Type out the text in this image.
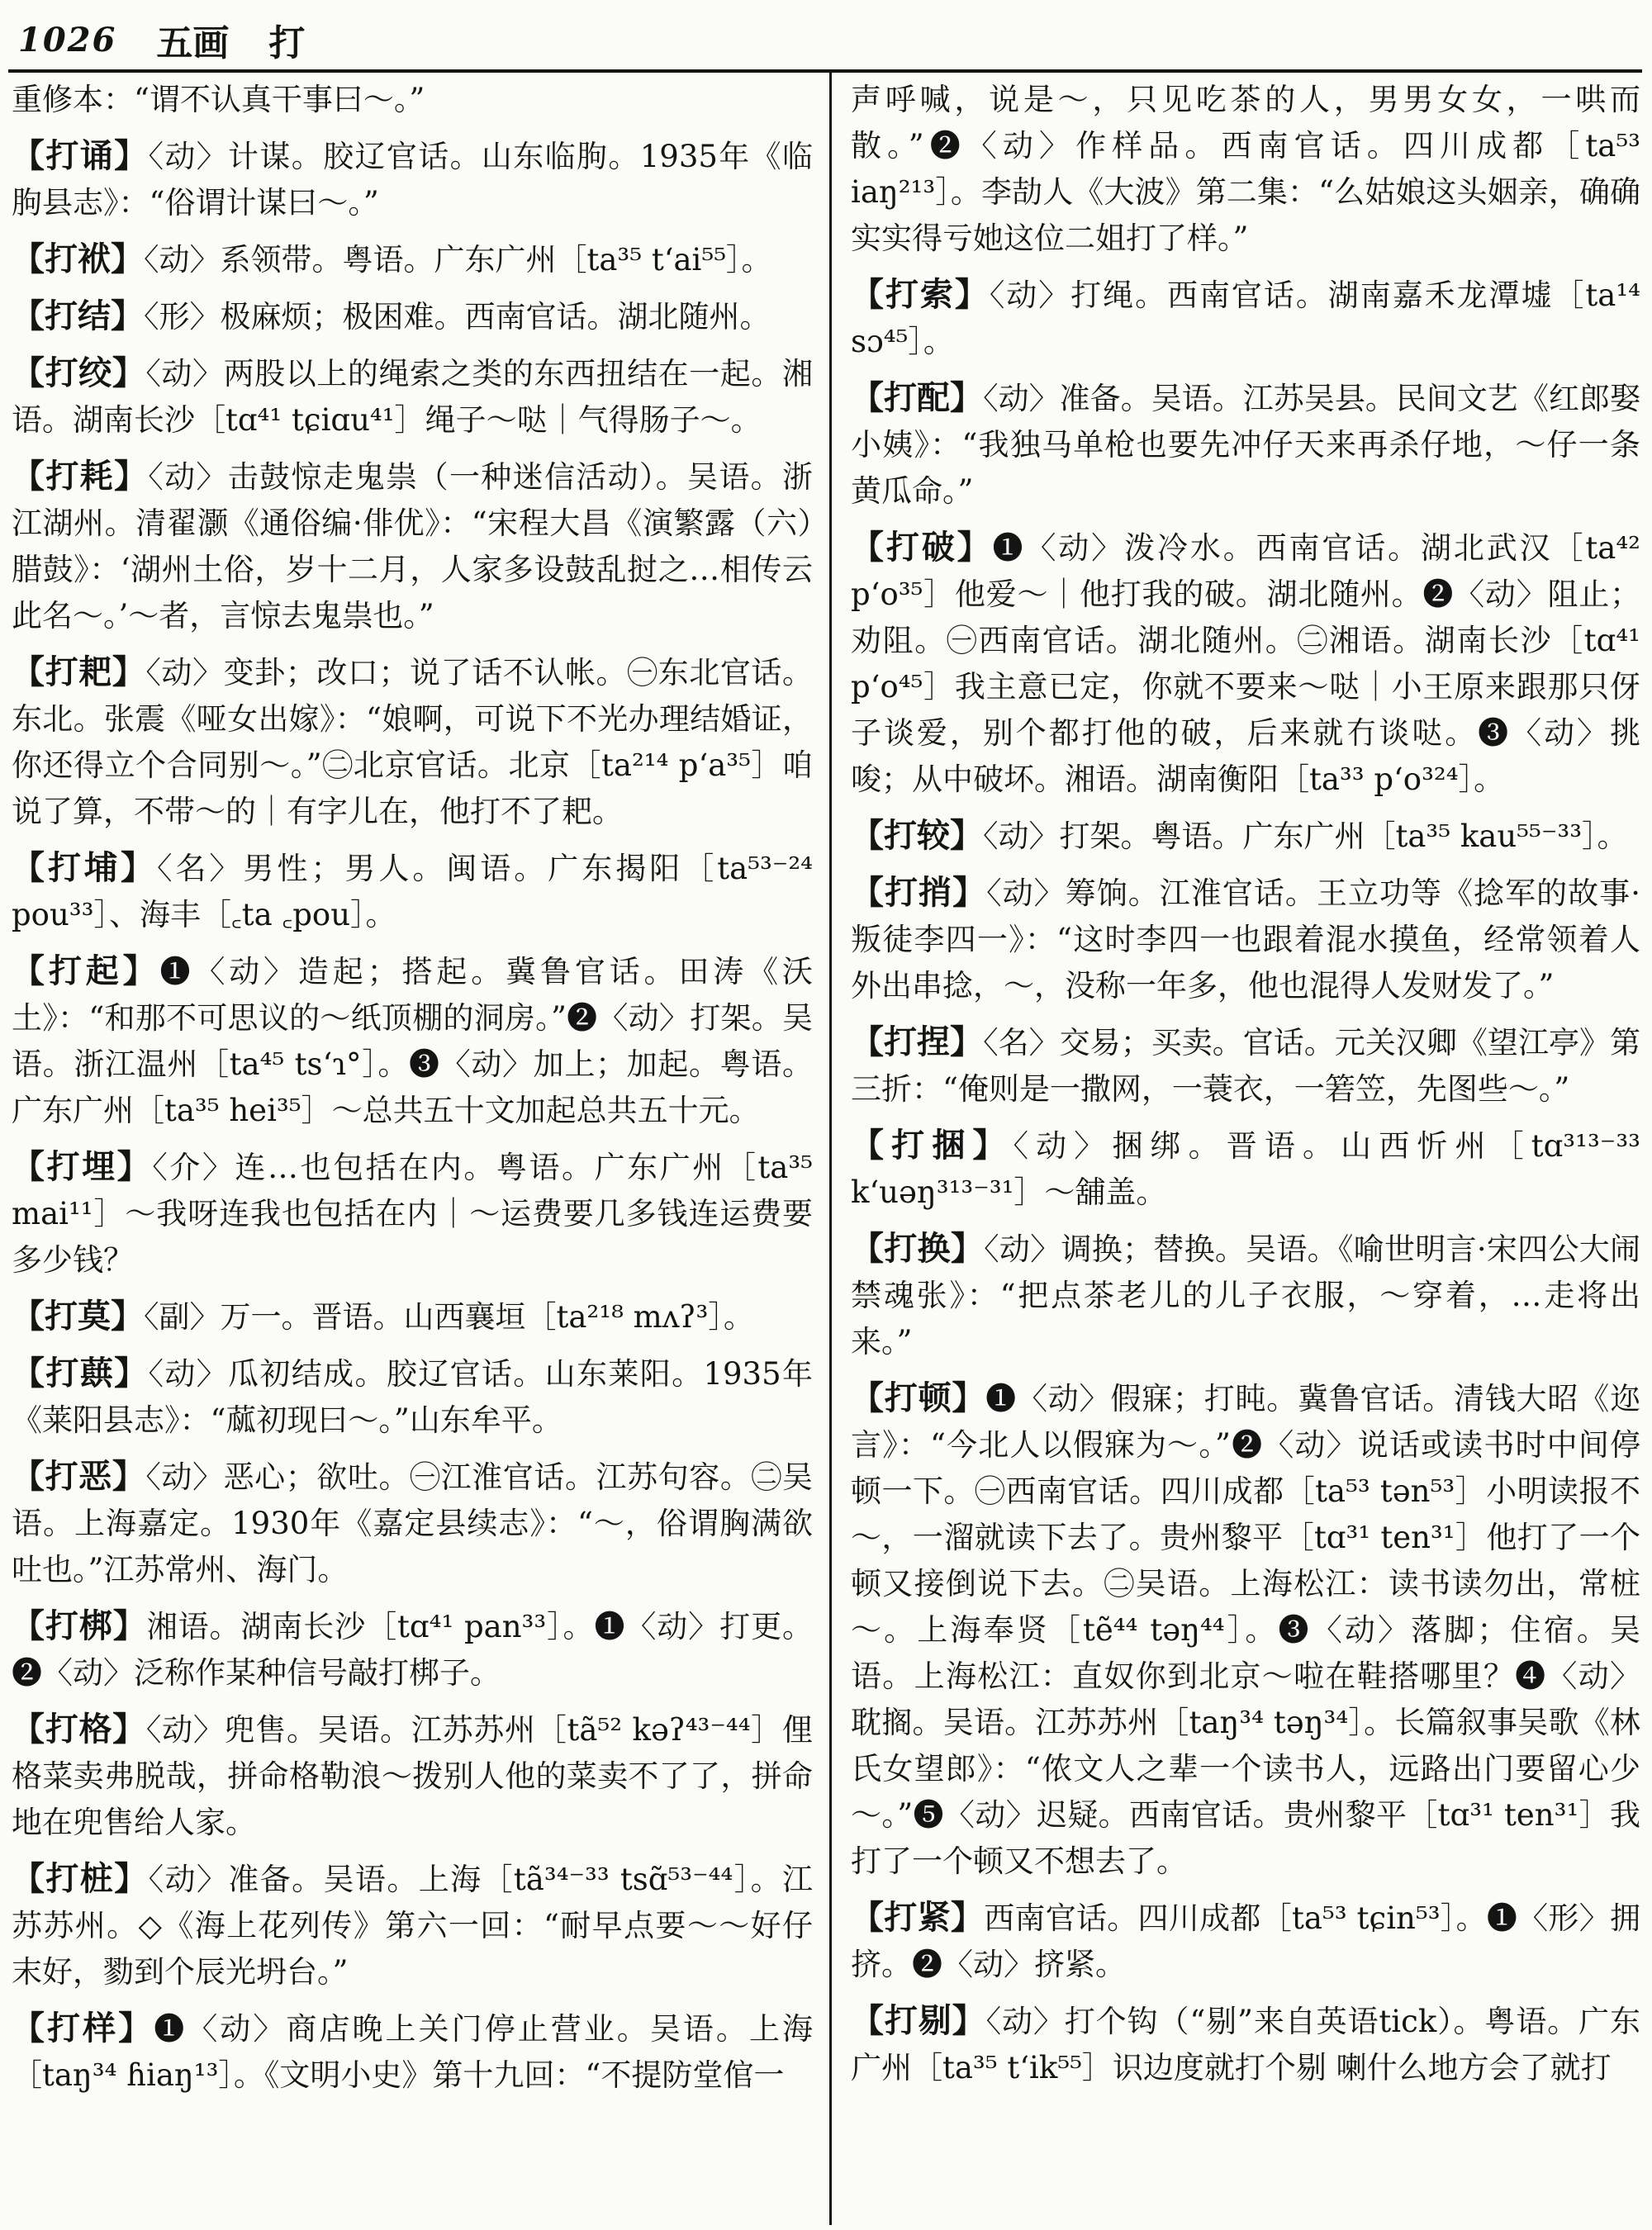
1026 五画 打

重修本：“谓不认真干事曰～。”

【打诵】〈动〉计谋。胶辽官话。山东临朐。1935年《临朐县志》：“俗谓计谋曰～。”

【打袱】〈动〉系领带。粤语。广东广州［ta³⁵ t‘ai⁵⁵］。

【打结】〈形〉极麻烦；极困难。西南官话。湖北随州。

【打绞】〈动〉两股以上的绳索之类的东西扭结在一起。湘语。湖南长沙［tɑ⁴¹ tɕiɑu⁴¹］绳子～哒｜气得肠子～。

【打耗】〈动〉击鼓惊走鬼祟（一种迷信活动）。吴语。浙江湖州。清翟灏《通俗编·俳优》：“宋程大昌《演繁露（六）腊鼓》：‘湖州土俗，岁十二月，人家多设鼓乱挝之…相传云此名～。’～者，言惊去鬼祟也。”

【打耙】〈动〉变卦；改口；说了话不认帐。㊀东北官话。东北。张震《哑女出嫁》：“娘啊，可说下不光办理结婚证，你还得立个合同别～。”㊁北京官话。北京［ta²¹⁴ p‘a³⁵］咱说了算，不带～的｜有字儿在，他打不了耙。

【打埔】〈名〉男性；男人。闽语。广东揭阳［ta⁵³⁻²⁴ pou³³］、海丰［꜀ta ꜀pou］。

【打起】❶〈动〉造起；搭起。冀鲁官话。田涛《沃土》：“和那不可思议的～纸顶棚的洞房。”❷〈动〉打架。吴语。浙江温州［ta⁴⁵ ts‘ɿ°］。❸〈动〉加上；加起。粤语。广东广州［ta³⁵ hei³⁵］～总共五十文加起总共五十元。

【打埋】〈介〉连…也包括在内。粤语。广东广州［ta³⁵ mai¹¹］～我呀连我也包括在内｜～运费要几多钱连运费要多少钱？

【打莫】〈副〉万一。晋语。山西襄垣［ta²¹⁸ mʌʔ³］。

【打蕻】〈动〉瓜初结成。胶辽官话。山东莱阳。1935年《莱阳县志》：“蓏初现曰～。”山东牟平。

【打恶】〈动〉恶心；欲吐。㊀江淮官话。江苏句容。㊁吴语。上海嘉定。1930年《嘉定县续志》：“～，俗谓胸满欲吐也。”江苏常州、海门。

【打梆】湘语。湖南长沙［tɑ⁴¹ pan³³］。❶〈动〉打更。❷〈动〉泛称作某种信号敲打梆子。

【打格】〈动〉兜售。吴语。江苏苏州［tã⁵² kəʔ⁴³⁻⁴⁴］俚格菜卖弗脱哉，拼命格勒浪～拨别人他的菜卖不了了，拼命地在兜售给人家。

【打桩】〈动〉准备。吴语。上海［tã³⁴⁻³³ tsɑ̃⁵³⁻⁴⁴］。江苏苏州。◇《海上花列传》第六一回：“耐早点要～～好仔末好，勠到个辰光坍台。”

【打样】❶〈动〉商店晚上关门停止营业。吴语。上海［taŋ³⁴ ɦiaŋ¹³］。《文明小史》第十九回：“不提防堂倌一

声呼喊，说是～，只见吃茶的人，男男女女，一哄而散。”❷〈动〉作样品。西南官话。四川成都［ta⁵³ iaŋ²¹³］。李劼人《大波》第二集：“么姑娘这头姻亲，确确实实得亏她这位二姐打了样。”

【打索】〈动〉打绳。西南官话。湖南嘉禾龙潭墟［ta¹⁴ sɔ⁴⁵］。

【打配】〈动〉准备。吴语。江苏吴县。民间文艺《红郎娶小姨》：“我独马单枪也要先冲仔天来再杀仔地，～仔一条黄瓜命。”

【打破】❶〈动〉泼冷水。西南官话。湖北武汉［ta⁴² p‘o³⁵］他爱～｜他打我的破。湖北随州。❷〈动〉阻止；劝阻。㊀西南官话。湖北随州。㊁湘语。湖南长沙［tɑ⁴¹ p‘o⁴⁵］我主意已定，你就不要来～哒｜小王原来跟那只伢子谈爱，别个都打他的破，后来就冇谈哒。❸〈动〉挑唆；从中破坏。湘语。湖南衡阳［ta³³ p‘o³²⁴］。

【打较】〈动〉打架。粤语。广东广州［ta³⁵ kau⁵⁵⁻³³］。

【打捎】〈动〉筹饷。江淮官话。王立功等《捻军的故事·叛徒李四一》：“这时李四一也跟着混水摸鱼，经常领着人外出串捻，～，没称一年多，他也混得人发财发了。”

【打捏】〈名〉交易；买卖。官话。元关汉卿《望江亭》第三折：“俺则是一撒网，一蓑衣，一箬笠，先图些～。”

【打捆】〈动〉捆绑。晋语。山西忻州［tɑ³¹³⁻³³ k‘uəŋ³¹³⁻³¹］～舖盖。

【打换】〈动〉调换；替换。吴语。《喻世明言·宋四公大闹禁魂张》：“把点茶老儿的儿子衣服，～穿着，…走将出来。”

【打顿】❶〈动〉假寐；打盹。冀鲁官话。清钱大昭《迩言》：“今北人以假寐为～。”❷〈动〉说话或读书时中间停顿一下。㊀西南官话。四川成都［ta⁵³ tən⁵³］小明读报不～，一溜就读下去了。贵州黎平［tɑ³¹ ten³¹］他打了一个顿又接倒说下去。㊁吴语。上海松江：读书读勿出，常桩～。上海奉贤［tẽ⁴⁴ təŋ⁴⁴］。❸〈动〉落脚；住宿。吴语。上海松江：直奴你到北京～啦在鞋搭哪里？❹〈动〉耽搁。吴语。江苏苏州［taŋ³⁴ təŋ³⁴］。长篇叙事吴歌《林氏女望郎》：“侬文人之辈一个读书人，远路出门要留心少～。”❺〈动〉迟疑。西南官话。贵州黎平［tɑ³¹ ten³¹］我打了一个顿又不想去了。

【打紧】西南官话。四川成都［ta⁵³ tɕin⁵³］。❶〈形〉拥挤。❷〈动〉挤紧。

【打剔】〈动〉打个钩（“剔”来自英语tick）。粤语。广东广州［ta³⁵ t‘ik⁵⁵］识边度就打个剔 喇什么地方会了就打
